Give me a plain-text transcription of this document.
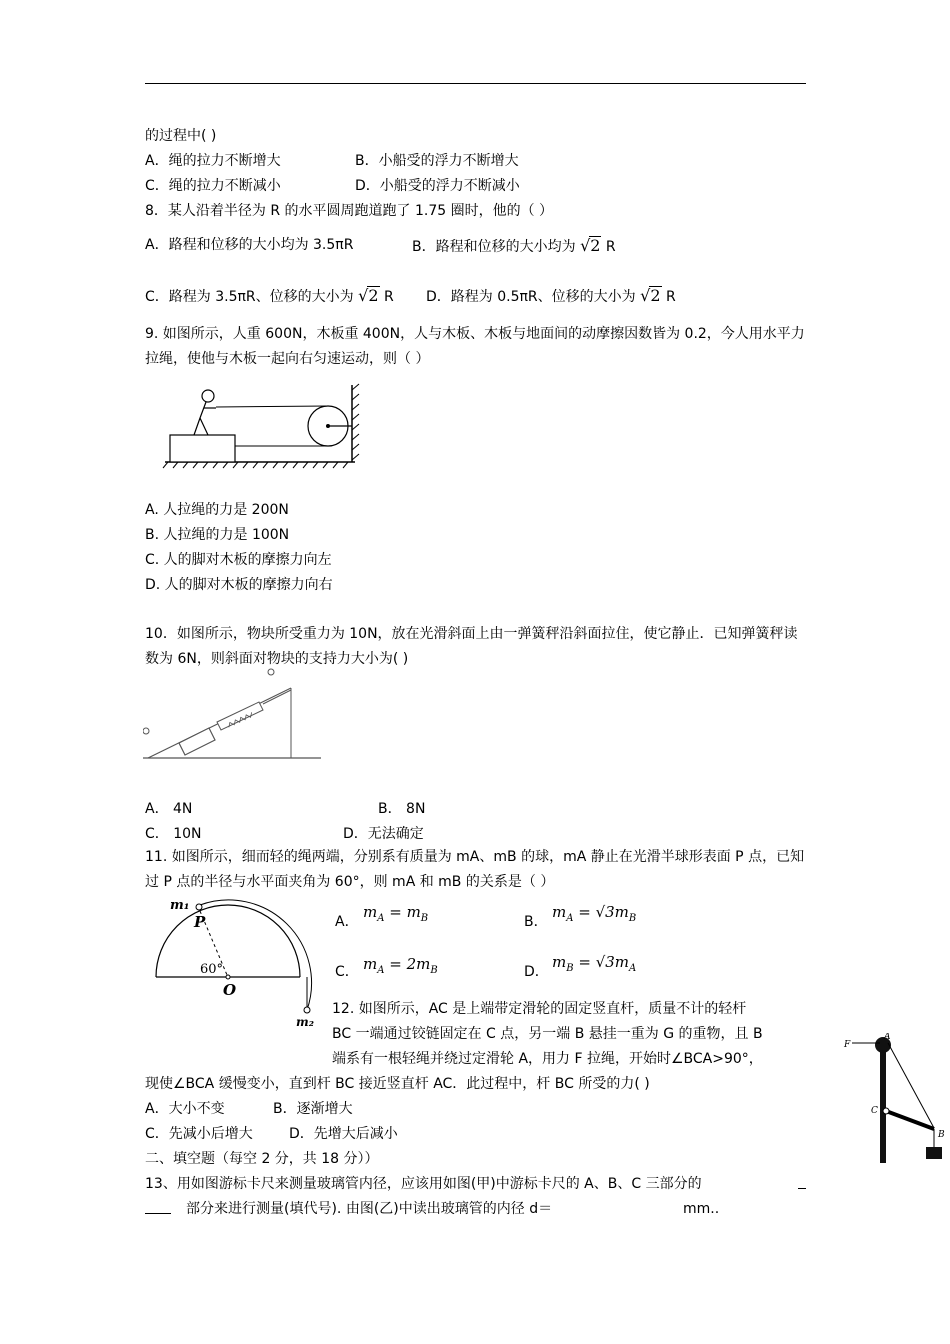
的过程中( )
A．绳的拉力不断增大	B．小船受的浮力不断增大
C．绳的拉力不断减小	D．小船受的浮力不断减小
8．某人沿着半径为 R 的水平圆周跑道跑了 1.75 圈时，他的（ ）
A．路程和位移的大小均为 3.5πR	B．路程和位移的大小均为 √2 R
C．路程为 3.5πR、位移的大小为 √2 R D．路程为 0.5πR、位移的大小为 √2 R
9. 如图所示，人重 600N，木板重 400N，人与木板、木板与地面间的动摩擦因数皆为 0.2，今人用水平力拉绳，使他与木板一起向右匀速运动，则（ ）
A. 人拉绳的力是 200N
B. 人拉绳的力是 100N
C. 人的脚对木板的摩擦力向左
D. 人的脚对木板的摩擦力向右
10．如图所示，物块所受重力为 10N，放在光滑斜面上由一弹簧秤沿斜面拉住，使它静止．已知弹簧秤读数为 6N，则斜面对物块的支持力大小为( )
A． 4N	B． 8N
C． 10N	D．无法确定
11. 如图所示，细而轻的绳两端，分别系有质量为 mA、mB 的球，mA 静止在光滑半球形表面 P 点，已知过 P 点的半径与水平面夹角为 60°，则 mA 和 mB 的关系是（ ）
m₁
P
60°
O
m₂
A．
$m_A = m_B$	B．
$m_A = √3m_B$
C． $m_A = 2m_B$	D．
$m_B = √3m_A$
12. 如图所示，AC 是上端带定滑轮的固定竖直杆，质量不计的轻杆
BC 一端通过铰链固定在 C 点，另一端 B 悬挂一重为 G 的重物，且 B
端系有一根轻绳并绕过定滑轮 A，用力 F 拉绳，开始时∠BCA>90°，
现使∠BCA 缓慢变小，直到杆 BC 接近竖直杆 AC．此过程中，杆 BC 所受的力( )
F
A
C
B
A．大小不变	B．逐渐增大
C．先减小后增大	D．先增大后减小
二、填空题（每空 2 分，共 18 分））
13、用如图游标卡尺来测量玻璃管内径，应该用如图(甲)中游标卡尺的 A、B、C 三部分的
部分来进行测量(填代号). 由图(乙)中读出玻璃管的内径 d＝	mm..
